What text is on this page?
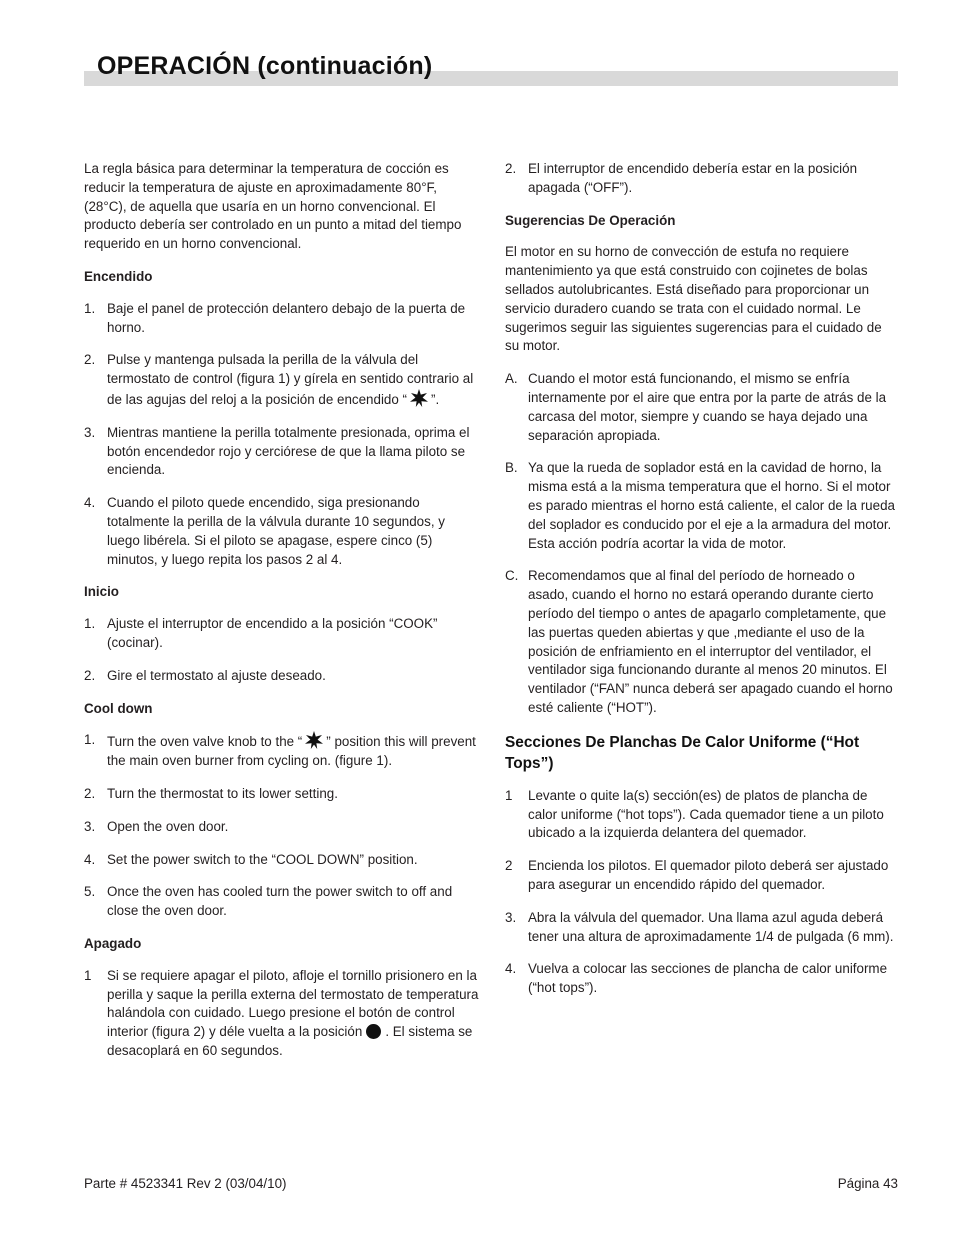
OPERACIÓN (continuación)

La regla básica para determinar la temperatura de cocción es reducir la temperatura de ajuste en aproximadamente 80°F, (28°C), de aquella que usaría en un horno convencional. El producto debería ser controlado en un punto a mitad del tiempo requerido en un horno convencional.

Encendido
1. Baje el panel de protección delantero debajo de la puerta de horno.
2. Pulse y mantenga pulsada la perilla de la válvula del termostato de control (figura 1) y gírela en sentido contrario al de las agujas del reloj a la posición de encendido “ ”.
3. Mientras mantiene la perilla totalmente presionada, oprima el botón encendedor rojo y cerciórese de que la llama piloto se encienda.
4. Cuando el piloto quede encendido, siga presionando totalmente la perilla de la válvula durante 10 segundos, y luego libérela. Si el piloto se apagase, espere cinco (5) minutos, y luego repita los pasos 2 al 4.
Inicio
1. Ajuste el interruptor de encendido a la posición “COOK” (cocinar).
2. Gire el termostato al ajuste deseado.
Cool down
1. Turn the oven valve knob to the “ ” position this will prevent the main oven burner from cycling on. (figure 1).
2. Turn the thermostat to its lower setting.
3. Open the oven door.
4. Set the power switch to the “COOL DOWN” position.
5. Once the oven has cooled turn the power switch to off and close the oven door.
Apagado
1	Si se requiere apagar el piloto, afloje el tornillo prisionero en la perilla y saque la perilla externa del termostato de temperatura halándola con cuidado. Luego presione el botón de control interior (figura 2) y déle vuelta a la posición . El sistema se desacoplará en 60 segundos.
2. El interruptor de encendido debería estar en la posición apagada (“OFF”).
Sugerencias De Operación

El motor en su horno de convección de estufa no requiere mantenimiento ya que está construido con cojinetes de bolas sellados autolubricantes. Está diseñado para proporcionar un servicio duradero cuando se trata con el cuidado normal. Le sugerimos seguir las siguientes sugerencias para el cuidado de su motor.

A. Cuando el motor está funcionando, el mismo se enfría internamente por el aire que entra por la parte de atrás de la carcasa del motor, siempre y cuando se haya dejado una separación apropiada.
B. Ya que la rueda de soplador está en la cavidad de horno, la misma está a la misma temperatura que el horno. Si el motor es parado mientras el horno está caliente, el calor de la rueda del soplador es conducido por el eje a la armadura del motor. Esta acción podría acortar la vida de motor.
C. Recomendamos que al final del período de horneado o asado, cuando el horno no estará operando durante cierto período del tiempo o antes de apagarlo completamente, que las puertas queden abiertas y que ,mediante el uso de la posición de enfriamiento en el interruptor del ventilador, el ventilador siga funcionando durante al menos 20 minutos. El ventilador (“FAN” nunca deberá ser apagado cuando el horno esté caliente (“HOT”).
Secciones De Planchas De Calor Uniforme (“Hot Tops”)
1	Levante o quite la(s) sección(es) de platos de plancha de calor uniforme (“hot tops”). Cada quemador tiene a un piloto ubicado a la izquierda delantera del quemador.
2	Encienda los pilotos. El quemador piloto deberá ser ajustado para asegurar un encendido rápido del quemador.
3. Abra la válvula del quemador. Una llama azul aguda deberá tener una altura de aproximadamente 1/4 de pulgada (6 mm).
4. Vuelva a colocar las secciones de plancha de calor uniforme (“hot tops”).
Parte # 4523341 Rev 2 (03/04/10)	Página 43
